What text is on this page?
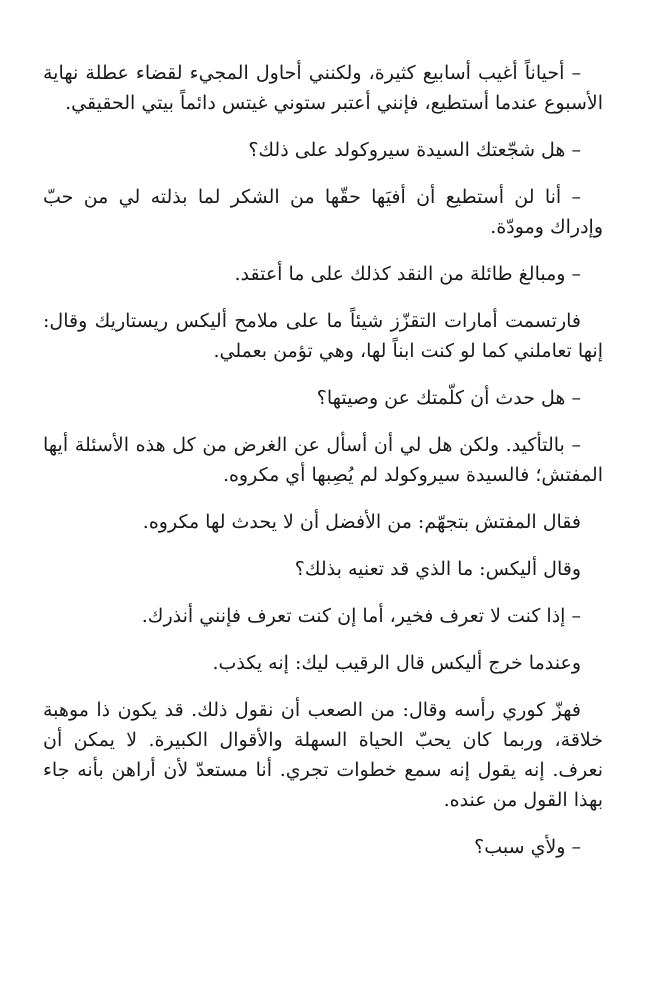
– أحياناً أغيب أسابيع كثيرة، ولكنني أحاول المجيء لقضاء عطلة نهاية الأسبوع عندما أستطيع، فإنني أعتبر ستوني غيتس دائماً بيتي الحقيقي.

– هل شجّعتك السيدة سيروكولد على ذلك؟

– أنا لن أستطيع أن أفيَها حقّها من الشكر لما بذلته لي من حبّ وإدراك ومودّة.

– ومبالغ طائلة من النقد كذلك على ما أعتقد.

فارتسمت أمارات التقزّز شيئاً ما على ملامح أليكس ريستاريك وقال: إنها تعاملني كما لو كنت ابناً لها، وهي تؤمن بعملي.

– هل حدث أن كلّمتك عن وصيتها؟

– بالتأكيد. ولكن هل لي أن أسأل عن الغرض من كل هذه الأسئلة أيها المفتش؛ فالسيدة سيروكولد لم يُصِبها أي مكروه.

فقال المفتش بتجهّم: من الأفضل أن لا يحدث لها مكروه.

وقال أليكس: ما الذي قد تعنيه بذلك؟

– إذا كنت لا تعرف فخير، أما إن كنت تعرف فإنني أنذرك.

وعندما خرج أليكس قال الرقيب ليك: إنه يكذب.

فهزّ كوري رأسه وقال: من الصعب أن نقول ذلك. قد يكون ذا موهبة خلاقة، وربما كان يحبّ الحياة السهلة والأقوال الكبيرة. لا يمكن أن نعرف. إنه يقول إنه سمع خطوات تجري. أنا مستعدّ لأن أراهن بأنه جاء بهذا القول من عنده.

– ولأي سبب؟
